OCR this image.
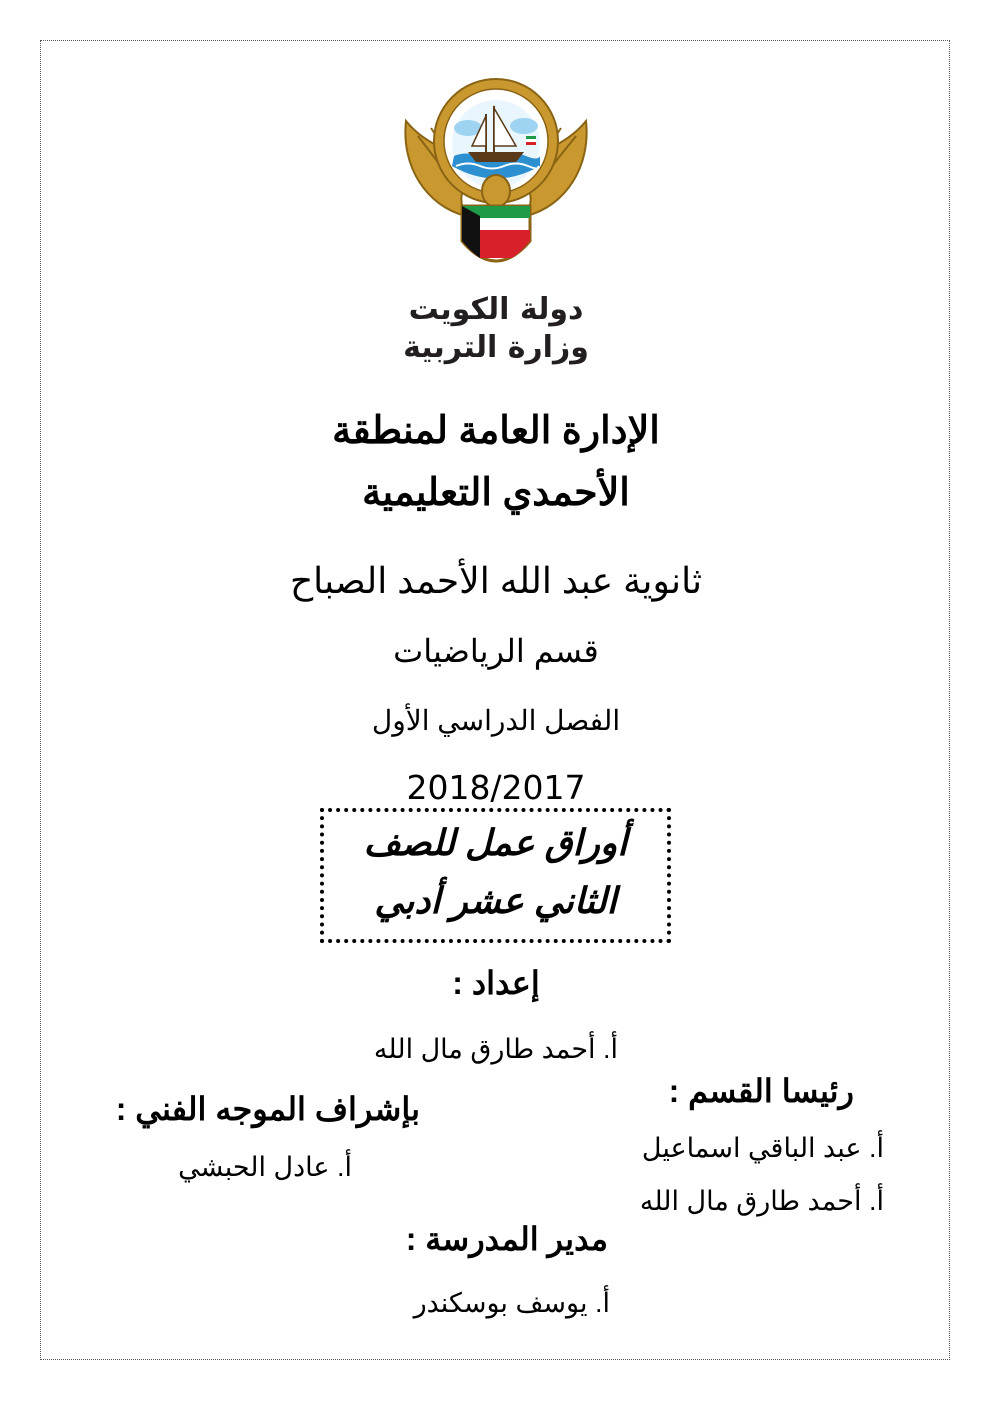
دولة الكويت
وزارة التربية
الإدارة العامة لمنطقة
الأحمدي التعليمية
ثانوية عبد الله الأحمد الصباح
قسم الرياضيات
الفصل الدراسي الأول
2018/2017
أوراق عمل للصف
الثاني عشر أدبي
إعداد :
أ. أحمد طارق مال الله
رئيسا القسم :
أ. عبد الباقي اسماعيل
أ. أحمد طارق مال الله
بإشراف الموجه الفني :
أ. عادل الحبشي
مدير المدرسة :
أ. يوسف بوسكندر
